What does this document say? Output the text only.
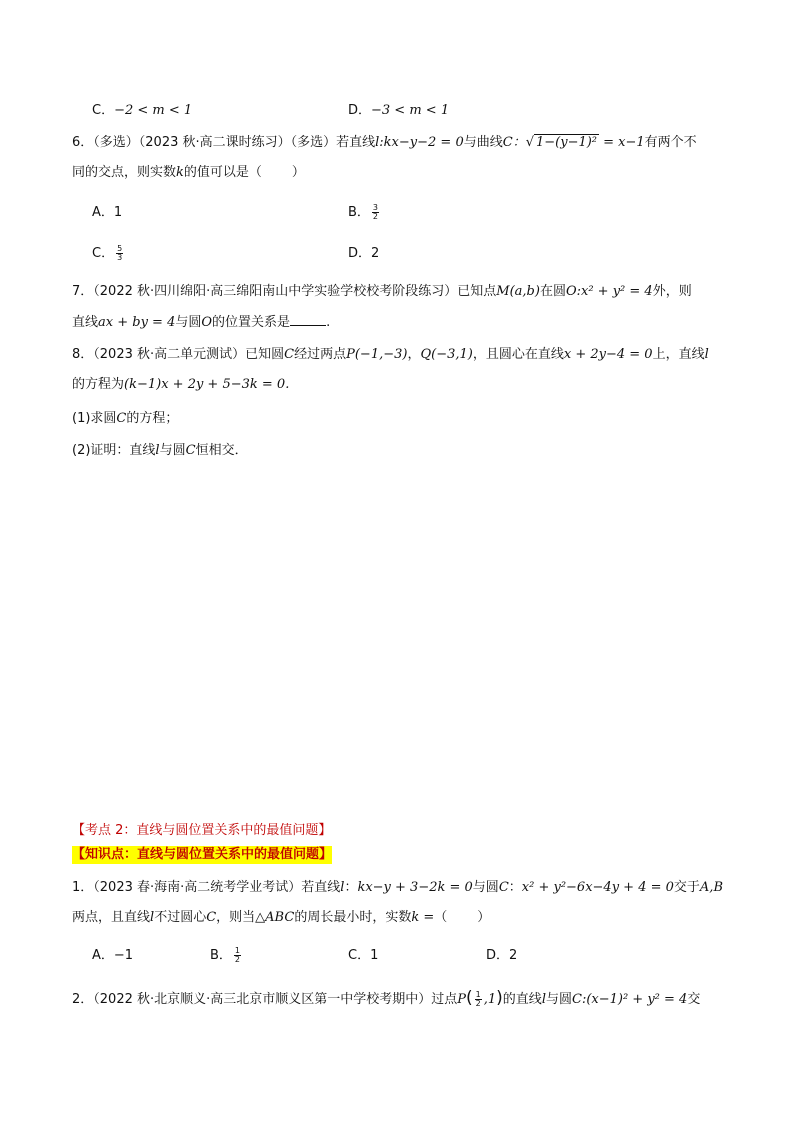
C．−2 < m < 1	D．−3 < m < 1
6．（多选）（2023 秋·高二课时练习）（多选）若直线l:kx−y−2 = 0与曲线C：√ 1−(y−1)² = x−1有两个不
同的交点，则实数k的值可以是（ ）
A．1	B． $\frac{3}{2}$
C． $\frac{5}{3}$	D．2
7．（2022 秋·四川绵阳·高三绵阳南山中学实验学校校考阶段练习）已知点M(a,b)在圆O:x² + y² = 4外，则
直线ax + by = 4与圆O的位置关系是	.
8．（2023 秋·高二单元测试）已知圆C经过两点P(−1,−3)，Q(−3,1)，且圆心在直线x + 2y−4 = 0上，直线l
的方程为(k−1)x + 2y + 5−3k = 0.
(1)求圆C的方程；
(2)证明：直线l与圆C恒相交．
【考点 2：直线与圆位置关系中的最值问题】
【知识点：直线与圆位置关系中的最值问题】
1．（2023 春·海南·高二统考学业考试）若直线l：kx−y + 3−2k = 0与圆C：x² + y²−6x−4y + 4 = 0交于A,B
两点，且直线l不过圆心C，则当△ABC的周长最小时，实数k =（ ）
A．−1	B． $\frac{1}{2}$	C．1	D．2
2．（2022 秋·北京顺义·高三北京市顺义区第一中学校考期中）过点$P( \frac{1}{2} ,1)$的直线l与圆C:(x−1)² + y² = 4交
